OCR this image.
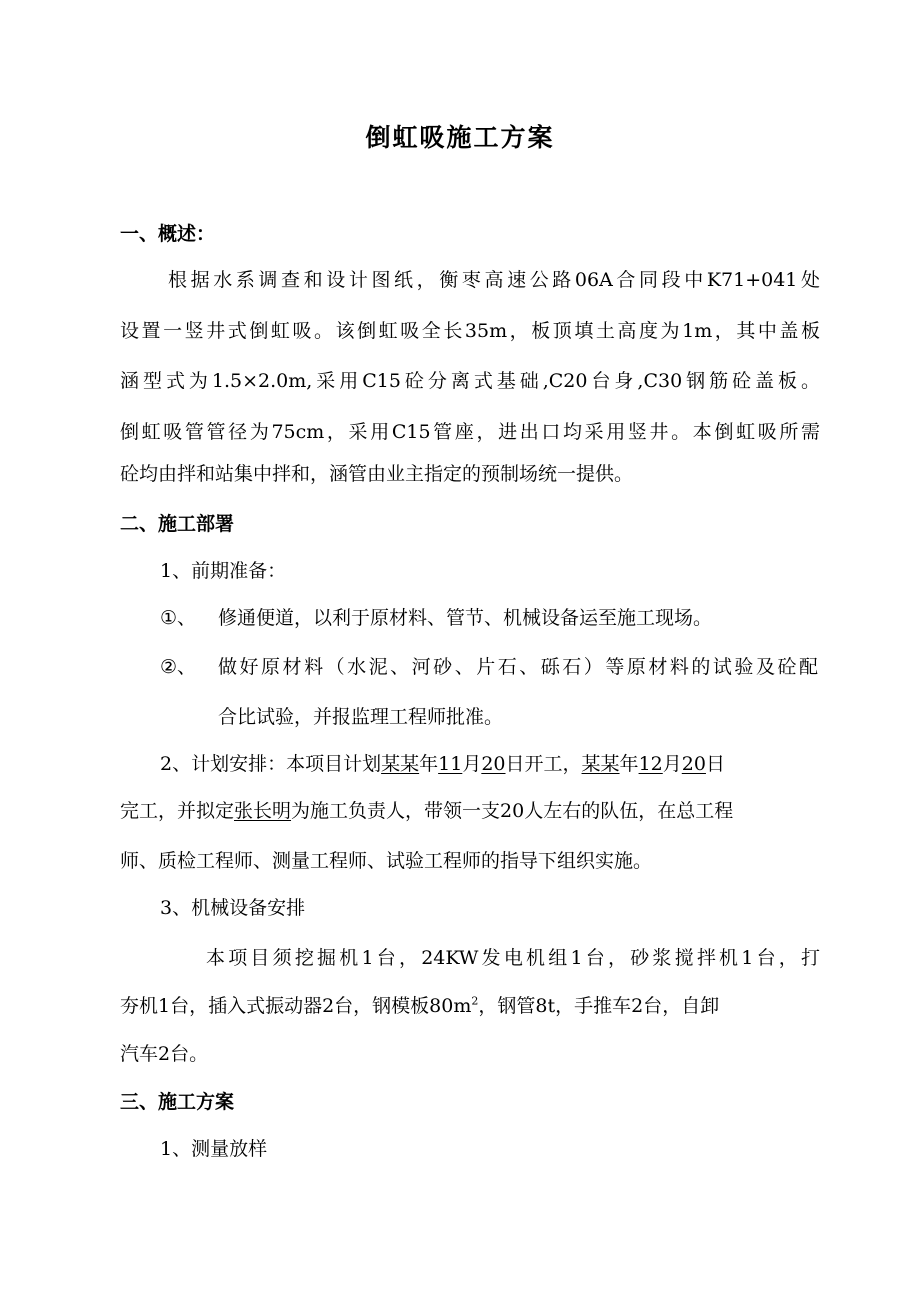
倒虹吸施工方案
一、概述：
根据水系调查和设计图纸，衡枣高速公路06A合同段中K71+041处
设置一竖井式倒虹吸。该倒虹吸全长35m，板顶填土高度为1m，其中盖板
涵型式为1.5×2.0m,采用C15砼分离式基础,C20台身,C30钢筋砼盖板。
倒虹吸管管径为75cm，采用C15管座，进出口均采用竖井。本倒虹吸所需
砼均由拌和站集中拌和，涵管由业主指定的预制场统一提供。
二、施工部署
1、前期准备：
①、	修通便道，以利于原材料、管节、机械设备运至施工现场。
②、	做好原材料（水泥、河砂、片石、砾石）等原材料的试验及砼配
合比试验，并报监理工程师批准。
2、计划安排：本项目计划某某年11月20日开工，某某年12月20日
完工，并拟定张长明为施工负责人，带领一支20人左右的队伍，在总工程
师、质检工程师、测量工程师、试验工程师的指导下组织实施。
3、机械设备安排
本项目须挖掘机1台，24KW发电机组1台，砂浆搅拌机1台，打
夯机1台，插入式振动器2台，钢模板$80m^2$，钢管8t，手推车2台，自卸
汽车2台。
三、施工方案
1、测量放样
